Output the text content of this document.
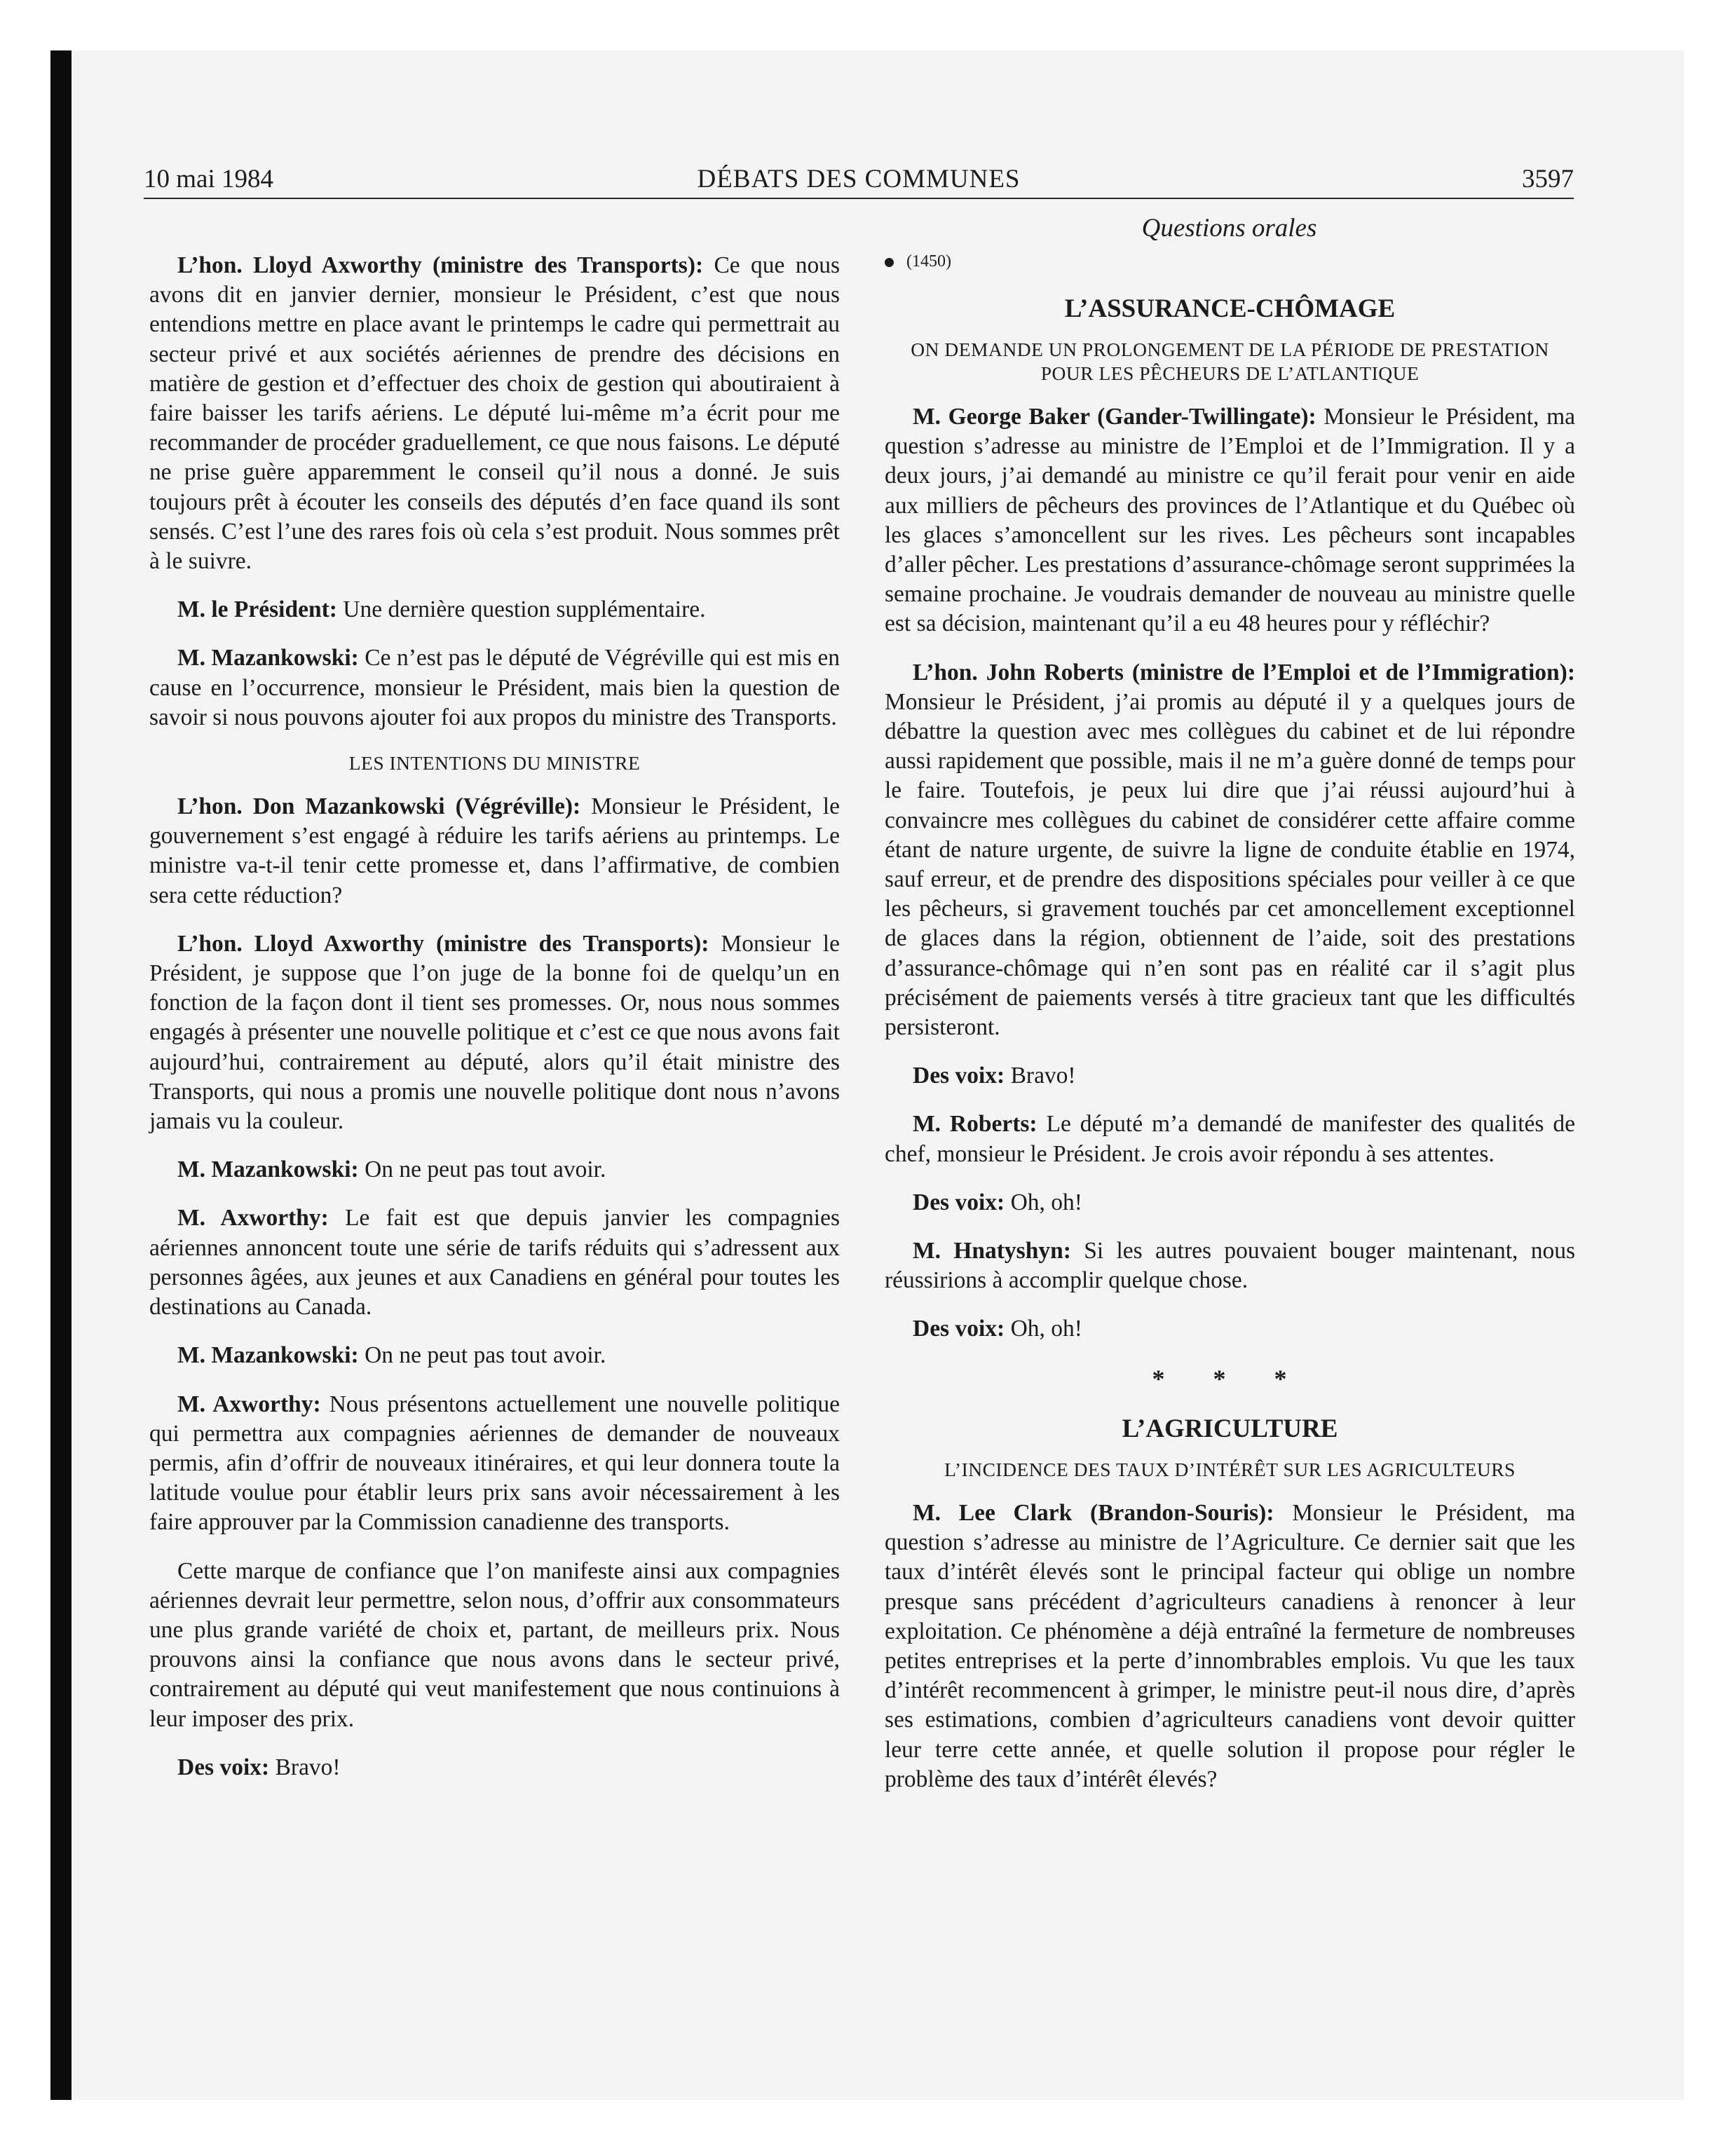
10 mai 1984	DÉBATS DES COMMUNES	3597
Questions orales

L’hon. Lloyd Axworthy (ministre des Transports): Ce que nous avons dit en janvier dernier, monsieur le Président, c’est que nous entendions mettre en place avant le printemps le cadre qui permettrait au secteur privé et aux sociétés aériennes de prendre des décisions en matière de gestion et d’effectuer des choix de gestion qui aboutiraient à faire baisser les tarifs aériens. Le député lui-même m’a écrit pour me recommander de procéder graduellement, ce que nous faisons. Le député ne prise guère apparemment le conseil qu’il nous a donné. Je suis toujours prêt à écouter les conseils des députés d’en face quand ils sont sensés. C’est l’une des rares fois où cela s’est produit. Nous sommes prêt à le suivre.

M. le Président: Une dernière question supplémentaire.

M. Mazankowski: Ce n’est pas le député de Végréville qui est mis en cause en l’occurrence, monsieur le Président, mais bien la question de savoir si nous pouvons ajouter foi aux propos du ministre des Transports.

LES INTENTIONS DU MINISTRE

L’hon. Don Mazankowski (Végréville): Monsieur le Président, le gouvernement s’est engagé à réduire les tarifs aériens au printemps. Le ministre va-t-il tenir cette promesse et, dans l’affirmative, de combien sera cette réduction?

L’hon. Lloyd Axworthy (ministre des Transports): Monsieur le Président, je suppose que l’on juge de la bonne foi de quelqu’un en fonction de la façon dont il tient ses promesses. Or, nous nous sommes engagés à présenter une nouvelle politique et c’est ce que nous avons fait aujourd’hui, contrairement au député, alors qu’il était ministre des Transports, qui nous a promis une nouvelle politique dont nous n’avons jamais vu la couleur.

M. Mazankowski: On ne peut pas tout avoir.

M. Axworthy: Le fait est que depuis janvier les compagnies aériennes annoncent toute une série de tarifs réduits qui s’adressent aux personnes âgées, aux jeunes et aux Canadiens en général pour toutes les destinations au Canada.

M. Mazankowski: On ne peut pas tout avoir.

M. Axworthy: Nous présentons actuellement une nouvelle politique qui permettra aux compagnies aériennes de demander de nouveaux permis, afin d’offrir de nouveaux itinéraires, et qui leur donnera toute la latitude voulue pour établir leurs prix sans avoir nécessairement à les faire approuver par la Commission canadienne des transports.

Cette marque de confiance que l’on manifeste ainsi aux compagnies aériennes devrait leur permettre, selon nous, d’offrir aux consommateurs une plus grande variété de choix et, partant, de meilleurs prix. Nous prouvons ainsi la confiance que nous avons dans le secteur privé, contrairement au député qui veut manifestement que nous continuions à leur imposer des prix.

Des voix: Bravo!

(1450)
L’ASSURANCE-CHÔMAGE
ON DEMANDE UN PROLONGEMENT DE LA PÉRIODE DE PRESTATION POUR LES PÊCHEURS DE L’ATLANTIQUE

M. George Baker (Gander-Twillingate): Monsieur le Président, ma question s’adresse au ministre de l’Emploi et de l’Immigration. Il y a deux jours, j’ai demandé au ministre ce qu’il ferait pour venir en aide aux milliers de pêcheurs des provinces de l’Atlantique et du Québec où les glaces s’amoncellent sur les rives. Les pêcheurs sont incapables d’aller pêcher. Les prestations d’assurance-chômage seront supprimées la semaine prochaine. Je voudrais demander de nouveau au ministre quelle est sa décision, maintenant qu’il a eu 48 heures pour y réfléchir?

L’hon. John Roberts (ministre de l’Emploi et de l’Immigration): Monsieur le Président, j’ai promis au député il y a quelques jours de débattre la question avec mes collègues du cabinet et de lui répondre aussi rapidement que possible, mais il ne m’a guère donné de temps pour le faire. Toutefois, je peux lui dire que j’ai réussi aujourd’hui à convaincre mes collègues du cabinet de considérer cette affaire comme étant de nature urgente, de suivre la ligne de conduite établie en 1974, sauf erreur, et de prendre des dispositions spéciales pour veiller à ce que les pêcheurs, si gravement touchés par cet amoncellement exceptionnel de glaces dans la région, obtiennent de l’aide, soit des prestations d’assurance-chômage qui n’en sont pas en réalité car il s’agit plus précisément de paiements versés à titre gracieux tant que les difficultés persisteront.

Des voix: Bravo!

M. Roberts: Le député m’a demandé de manifester des qualités de chef, monsieur le Président. Je crois avoir répondu à ses attentes.

Des voix: Oh, oh!

M. Hnatyshyn: Si les autres pouvaient bouger maintenant, nous réussirions à accomplir quelque chose.

Des voix: Oh, oh!

* * *
L’AGRICULTURE
L’INCIDENCE DES TAUX D’INTÉRÊT SUR LES AGRICULTEURS

M. Lee Clark (Brandon-Souris): Monsieur le Président, ma question s’adresse au ministre de l’Agriculture. Ce dernier sait que les taux d’intérêt élevés sont le principal facteur qui oblige un nombre presque sans précédent d’agriculteurs canadiens à renoncer à leur exploitation. Ce phénomène a déjà entraîné la fermeture de nombreuses petites entreprises et la perte d’innombrables emplois. Vu que les taux d’intérêt recommencent à grimper, le ministre peut-il nous dire, d’après ses estimations, combien d’agriculteurs canadiens vont devoir quitter leur terre cette année, et quelle solution il propose pour régler le problème des taux d’intérêt élevés?
